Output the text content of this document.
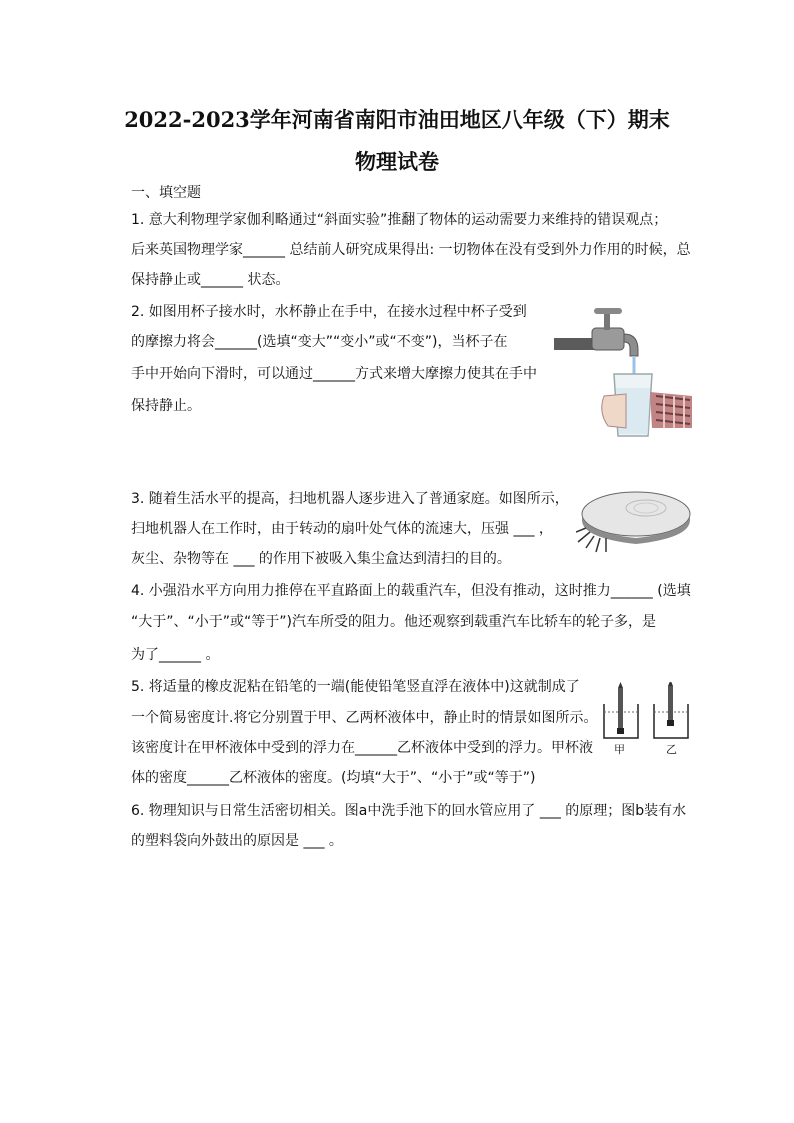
2022-2023学年河南省南阳市油田地区八年级（下）期末
物理试卷
一、填空题
1. 意大利物理学家伽利略通过“斜面实验”推翻了物体的运动需要力来维持的错误观点；
后来英国物理学家______ 总结前人研究成果得出: 一切物体在没有受到外力作用的时候，总
保持静止或______ 状态。
2. 如图用杯子接水时，水杯静止在手中，在接水过程中杯子受到
的摩擦力将会______(选填“变大”“变小”或“不变”)，当杯子在
手中开始向下滑时，可以通过______方式来增大摩擦力使其在手中
保持静止。
3. 随着生活水平的提高，扫地机器人逐步进入了普通家庭。如图所示，
扫地机器人在工作时，由于转动的扇叶处气体的流速大，压强 ___ ，
灰尘、杂物等在 ___ 的作用下被吸入集尘盒达到清扫的目的。
4. 小强沿水平方向用力推停在平直路面上的载重汽车，但没有推动，这时推力______ (选填
“大于”、“小于”或“等于”)汽车所受的阻力。他还观察到载重汽车比轿车的轮子多，是
为了______ 。
5. 将适量的橡皮泥粘在铅笔的一端(能使铅笔竖直浮在液体中)这就制成了
一个简易密度计.将它分别置于甲、乙两杯液体中，静止时的情景如图所示。
该密度计在甲杯液体中受到的浮力在______乙杯液体中受到的浮力。甲杯液
体的密度______乙杯液体的密度。(均填“大于”、“小于”或“等于”)
甲	乙
6. 物理知识与日常生活密切相关。图a中洗手池下的回水管应用了 ___ 的原理；图b装有水
的塑料袋向外鼓出的原因是 ___ 。
